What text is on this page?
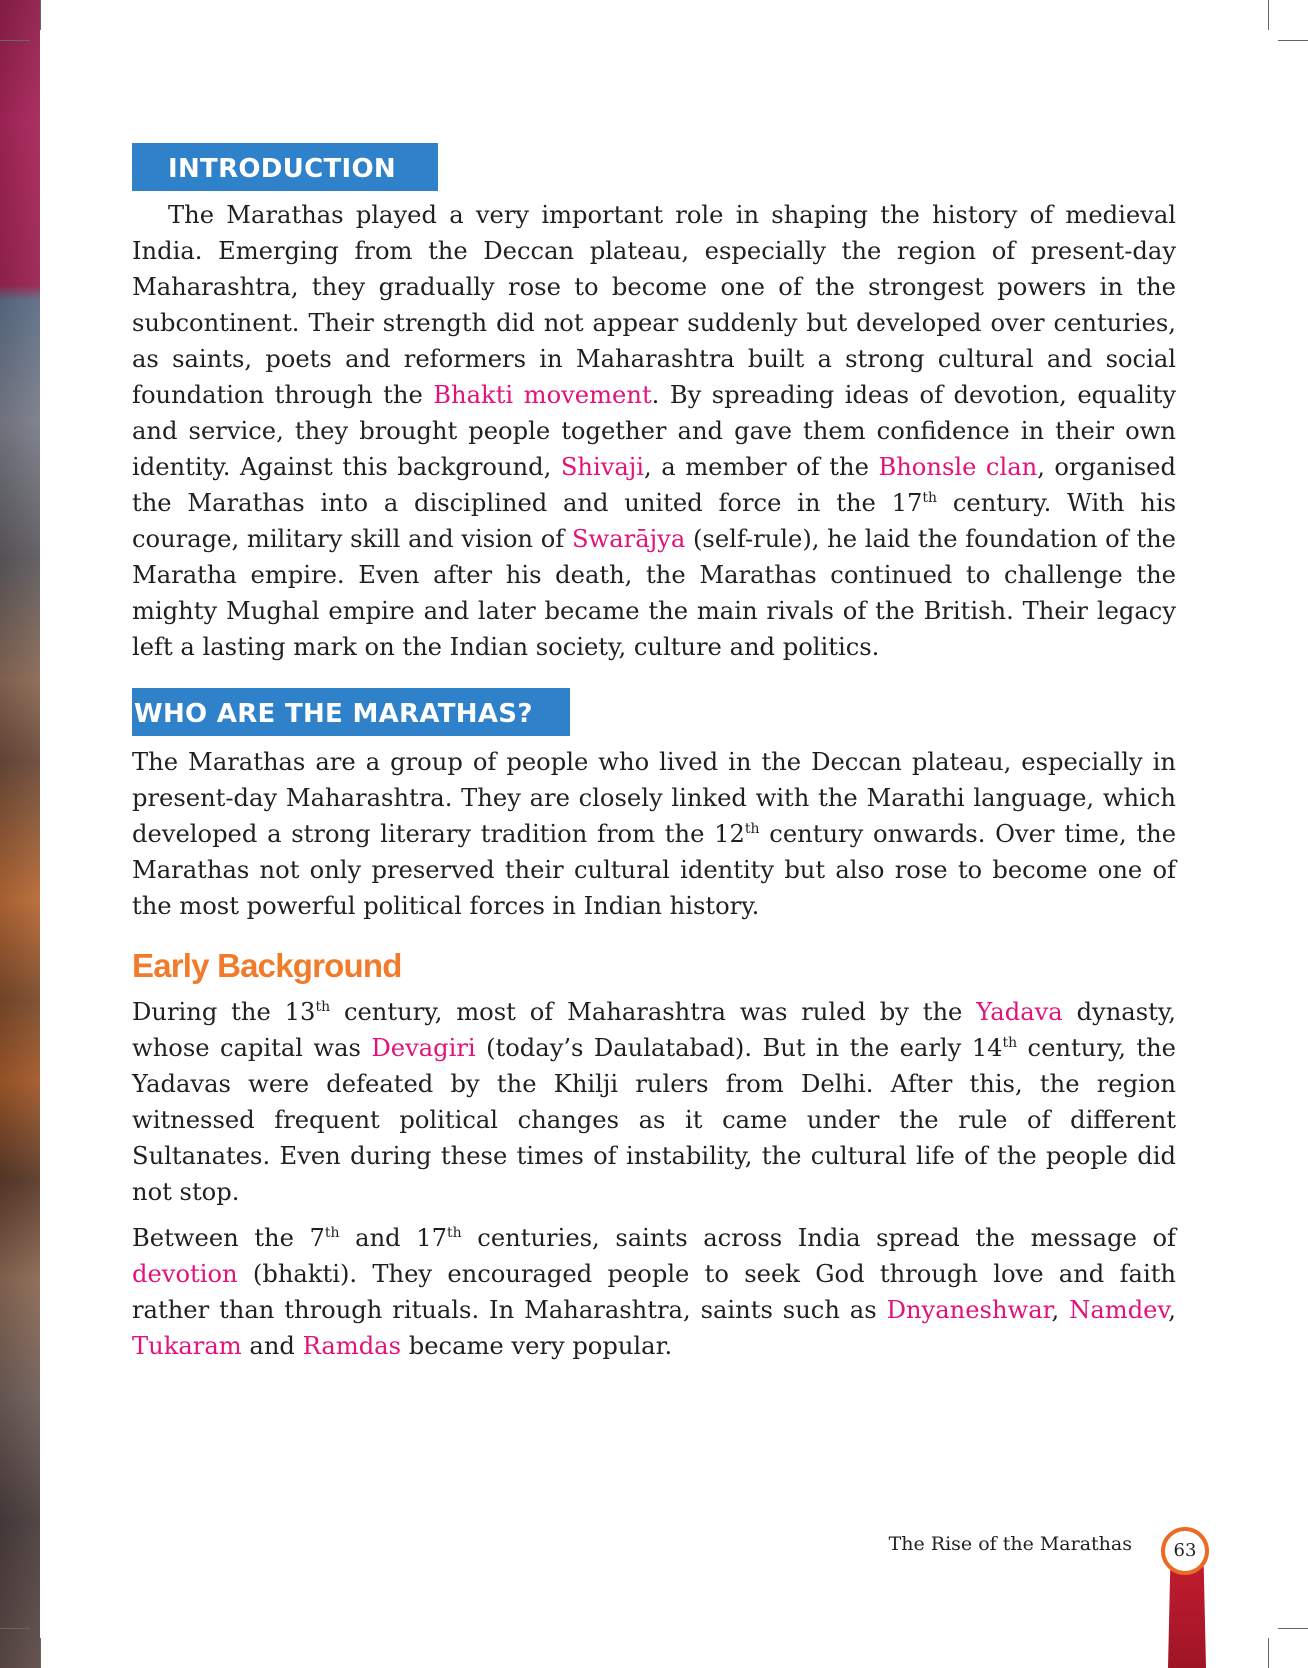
INTRODUCTION

The Marathas played a very important role in shaping the history of medieval India. Emerging from the Deccan plateau, especially the region of present-day Maharashtra, they gradually rose to become one of the strongest powers in the subcontinent. Their strength did not appear suddenly but developed over centuries, as saints, poets and reformers in Maharashtra built a strong cultural and social foundation through the Bhakti movement. By spreading ideas of devotion, equality and service, they brought people together and gave them confidence in their own identity. Against this background, Shivaji, a member of the Bhonsle clan, organised the Marathas into a disciplined and united force in the 17th century. With his courage, military skill and vision of Swarājya (self-rule), he laid the foundation of the Maratha empire. Even after his death, the Marathas continued to challenge the mighty Mughal empire and later became the main rivals of the British. Their legacy left a lasting mark on the Indian society, culture and politics.

WHO ARE THE MARATHAS?

The Marathas are a group of people who lived in the Deccan plateau, especially in present-day Maharashtra. They are closely linked with the Marathi language, which developed a strong literary tradition from the 12th century onwards. Over time, the Marathas not only preserved their cultural identity but also rose to become one of the most powerful political forces in Indian history.

Early Background

During the 13th century, most of Maharashtra was ruled by the Yadava dynasty, whose capital was Devagiri (today’s Daulatabad). But in the early 14th century, the Yadavas were defeated by the Khilji rulers from Delhi. After this, the region witnessed frequent political changes as it came under the rule of different Sultanates. Even during these times of instability, the cultural life of the people did not stop.

Between the 7th and 17th centuries, saints across India spread the message of devotion (bhakti). They encouraged people to seek God through love and faith rather than through rituals. In Maharashtra, saints such as Dnyaneshwar, Namdev, Tukaram and Ramdas became very popular.

The Rise of the Marathas	63
